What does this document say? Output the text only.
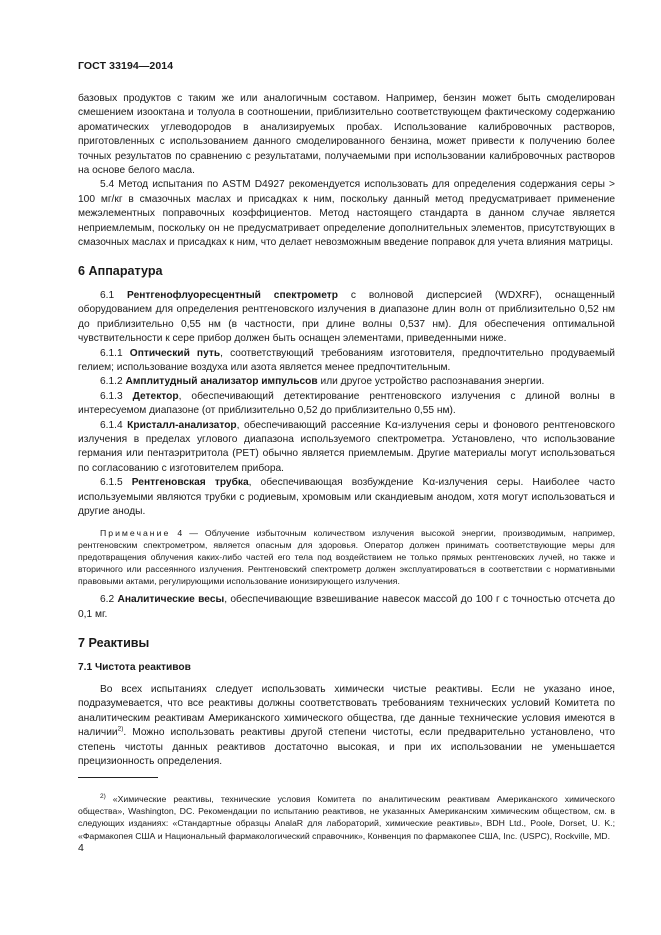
ГОСТ 33194—2014

базовых продуктов с таким же или аналогичным составом. Например, бензин может быть смоделирован смешением изооктана и толуола в соотношении, приблизительно соответствующем фактическому содержанию ароматических углеводородов в анализируемых пробах. Использование калибровочных растворов, приготовленных с использованием данного смоделированного бензина, может привести к получению более точных результатов по сравнению с результатами, получаемыми при использовании калибровочных растворов на основе белого масла.

5.4 Метод испытания по ASTM D4927 рекомендуется использовать для определения содержания серы > 100 мг/кг в смазочных маслах и присадках к ним, поскольку данный метод предусматривает применение межэлементных поправочных коэффициентов. Метод настоящего стандарта в данном случае является неприемлемым, поскольку он не предусматривает определение дополнительных элементов, присутствующих в смазочных маслах и присадках к ним, что делает невозможным введение поправок для учета влияния матрицы.

6 Аппаратура

6.1 Рентгенофлуоресцентный спектрометр с волновой дисперсией (WDXRF), оснащенный оборудованием для определения рентгеновского излучения в диапазоне длин волн от приблизительно 0,52 нм до приблизительно 0,55 нм (в частности, при длине волны 0,537 нм). Для обеспечения оптимальной чувствительности к сере прибор должен быть оснащен элементами, приведенными ниже.

6.1.1 Оптический путь, соответствующий требованиям изготовителя, предпочтительно продуваемый гелием; использование воздуха или азота является менее предпочтительным.

6.1.2 Амплитудный анализатор импульсов или другое устройство распознавания энергии.

6.1.3 Детектор, обеспечивающий детектирование рентгеновского излучения с длиной волны в интересуемом диапазоне (от приблизительно 0,52 до приблизительно 0,55 нм).

6.1.4 Кристалл-анализатор, обеспечивающий рассеяние Kα-излучения серы и фонового рентгеновского излучения в пределах углового диапазона используемого спектрометра. Установлено, что использование германия или пентаэритритола (PET) обычно является приемлемым. Другие материалы могут использоваться по согласованию с изготовителем прибора.

6.1.5 Рентгеновская трубка, обеспечивающая возбуждение Kα-излучения серы. Наиболее часто используемыми являются трубки с родиевым, хромовым или скандиевым анодом, хотя могут использоваться и другие аноды.

Примечание 4 — Облучение избыточным количеством излучения высокой энергии, производимым, например, рентгеновским спектрометром, является опасным для здоровья. Оператор должен принимать соответствующие меры для предотвращения облучения каких-либо частей его тела под воздействием не только прямых рентгеновских лучей, но также и вторичного или рассеянного излучения. Рентгеновский спектрометр должен эксплуатироваться в соответствии с нормативными правовыми актами, регулирующими использование ионизирующего излучения.

6.2 Аналитические весы, обеспечивающие взвешивание навесок массой до 100 г с точностью отсчета до 0,1 мг.

7 Реактивы
7.1 Чистота реактивов

Во всех испытаниях следует использовать химически чистые реактивы. Если не указано иное, подразумевается, что все реактивы должны соответствовать требованиям технических условий Комитета по аналитическим реактивам Американского химического общества, где данные технические условия имеются в наличии$^{2)}$. Можно использовать реактивы другой степени чистоты, если предварительно установлено, что степень чистоты данных реактивов достаточно высокая, и при их использовании не уменьшается прецизионность определения.

$^{2)}$ «Химические реактивы, технические условия Комитета по аналитическим реактивам Американского химического общества», Washington, DC. Рекомендации по испытанию реактивов, не указанных Американским химическим обществом, см. в следующих изданиях: «Стандартные образцы AnalaR для лабораторий, химические реактивы», BDH Ltd., Poole, Dorset, U. K.; «Фармакопея США и Национальный фармакологический справочник», Конвенция по фармакопее США, Inc. (USPC), Rockville, MD.

4
